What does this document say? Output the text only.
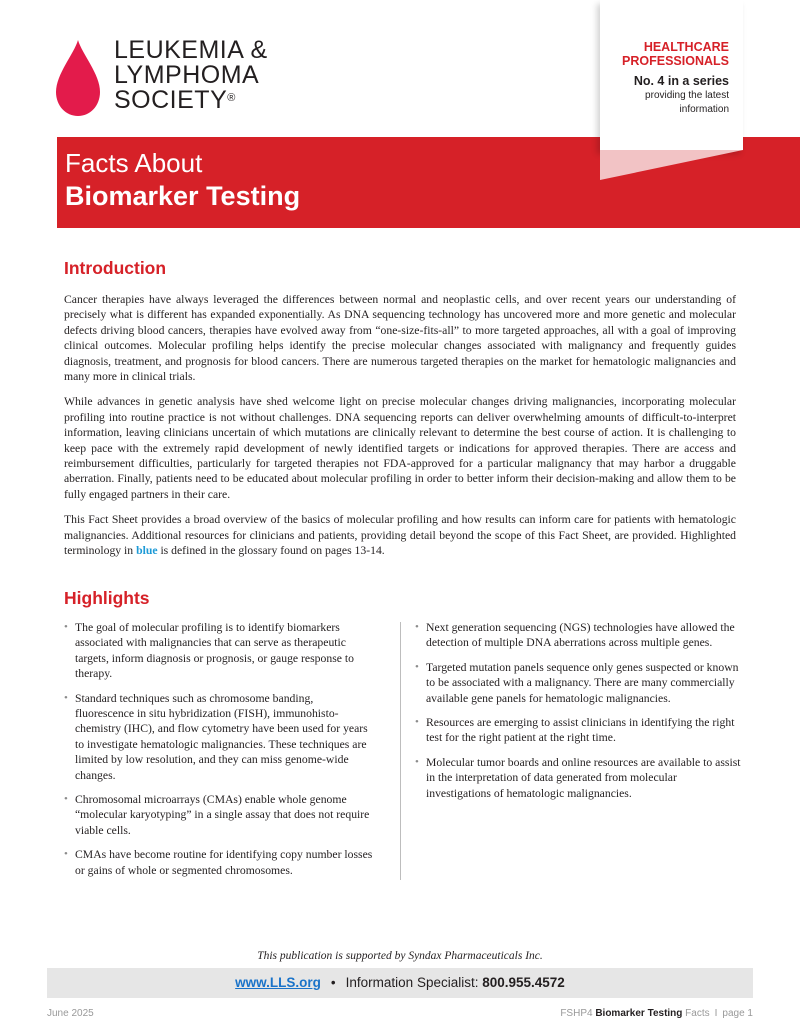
LEUKEMIA &
LYMPHOMA
SOCIETY®
Facts About
Biomarker Testing
HEALTHCARE
PROFESSIONALS
No. 4 in a series
providing the latest
information
Introduction

Cancer therapies have always leveraged the differences between normal and neoplastic cells, and over recent years our understanding of precisely what is different has expanded exponentially. As DNA sequencing technology has uncovered more and more genetic and molecular defects driving blood cancers, therapies have evolved away from “one-size-fits-all” to more targeted approaches, all with a goal of improving clinical outcomes. Molecular profiling helps identify the precise molecular changes associated with malignancy and frequently guides diagnosis, treatment, and prognosis for blood cancers. There are numerous targeted therapies on the market for hematologic malignancies and many more in clinical trials.

While advances in genetic analysis have shed welcome light on precise molecular changes driving malignancies, incorporating molecular profiling into routine practice is not without challenges. DNA sequencing reports can deliver overwhelming amounts of difficult-to-interpret information, leaving clinicians uncertain of which mutations are clinically relevant to determine the best course of action. It is challenging to keep pace with the extremely rapid development of newly identified targets or indications for approved therapies. There are access and reimbursement difficulties, particularly for targeted therapies not FDA-approved for a particular malignancy that may harbor a druggable aberration. Finally, patients need to be educated about molecular profiling in order to better inform their decision-making and allow them to be fully engaged partners in their care.

This Fact Sheet provides a broad overview of the basics of molecular profiling and how results can inform care for patients with hematologic malignancies. Additional resources for clinicians and patients, providing detail beyond the scope of this Fact Sheet, are provided. Highlighted terminology in blue is defined in the glossary found on pages 13-14.

Highlights
• The goal of molecular profiling is to identify biomarkers associated with malignancies that can serve as therapeutic targets, inform diagnosis or prognosis, or gauge response to therapy.
• Standard techniques such as chromosome banding, fluorescence in situ hybridization (FISH), immunohisto-chemistry (IHC), and flow cytometry have been used for years to investigate hematologic malignancies. These techniques are limited by low resolution, and they can miss genome-wide changes.
• Chromosomal microarrays (CMAs) enable whole genome “molecular karyotyping” in a single assay that does not require viable cells.
• CMAs have become routine for identifying copy number losses or gains of whole or segmented chromosomes.
• Next generation sequencing (NGS) technologies have allowed the detection of multiple DNA aberrations across multiple genes.
• Targeted mutation panels sequence only genes suspected or known to be associated with a malignancy. There are many commercially available gene panels for hematologic malignancies.
• Resources are emerging to assist clinicians in identifying the right test for the right patient at the right time.
• Molecular tumor boards and online resources are available to assist in the interpretation of data generated from molecular investigations of hematologic malignancies.
This publication is supported by Syndax Pharmaceuticals Inc.
www.LLS.org • Information Specialist: 800.955.4572
June 2025	FSHP4 Biomarker Testing Facts I page 1
